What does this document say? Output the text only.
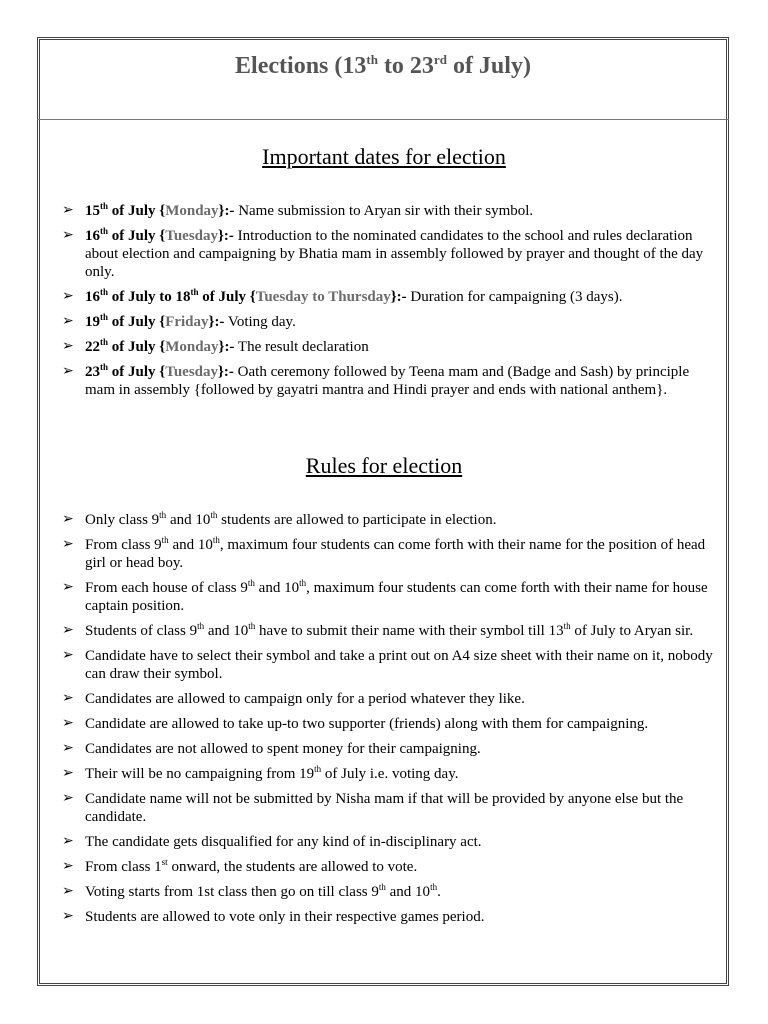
Elections (13th to 23rd of July)
Important dates for election
➢ 15th of July {Monday}:- Name submission to Aryan sir with their symbol.
➢ 16th of July {Tuesday}:- Introduction to the nominated candidates to the school and rules declaration about election and campaigning by Bhatia mam in assembly followed by prayer and thought of the day only.
➢ 16th of July to 18th of July {Tuesday to Thursday}:- Duration for campaigning (3 days).
➢ 19th of July {Friday}:- Voting day.
➢ 22th of July {Monday}:- The result declaration
➢ 23th of July {Tuesday}:- Oath ceremony followed by Teena mam and (Badge and Sash) by principle mam in assembly {followed by gayatri mantra and Hindi prayer and ends with national anthem}.
Rules for election
➢ Only class 9th and 10th students are allowed to participate in election.
➢ From class 9th and 10th, maximum four students can come forth with their name for the position of head girl or head boy.
➢ From each house of class 9th and 10th, maximum four students can come forth with their name for house captain position.
➢ Students of class 9th and 10th have to submit their name with their symbol till 13th of July to Aryan sir.
➢ Candidate have to select their symbol and take a print out on A4 size sheet with their name on it, nobody can draw their symbol.
➢ Candidates are allowed to campaign only for a period whatever they like.
➢ Candidate are allowed to take up-to two supporter (friends) along with them for campaigning.
➢ Candidates are not allowed to spent money for their campaigning.
➢ Their will be no campaigning from 19th of July i.e. voting day.
➢ Candidate name will not be submitted by Nisha mam if that will be provided by anyone else but the candidate.
➢ The candidate gets disqualified for any kind of in-disciplinary act.
➢ From class 1st onward, the students are allowed to vote.
➢ Voting starts from 1st class then go on till class 9th and 10th.
➢ Students are allowed to vote only in their respective games period.
